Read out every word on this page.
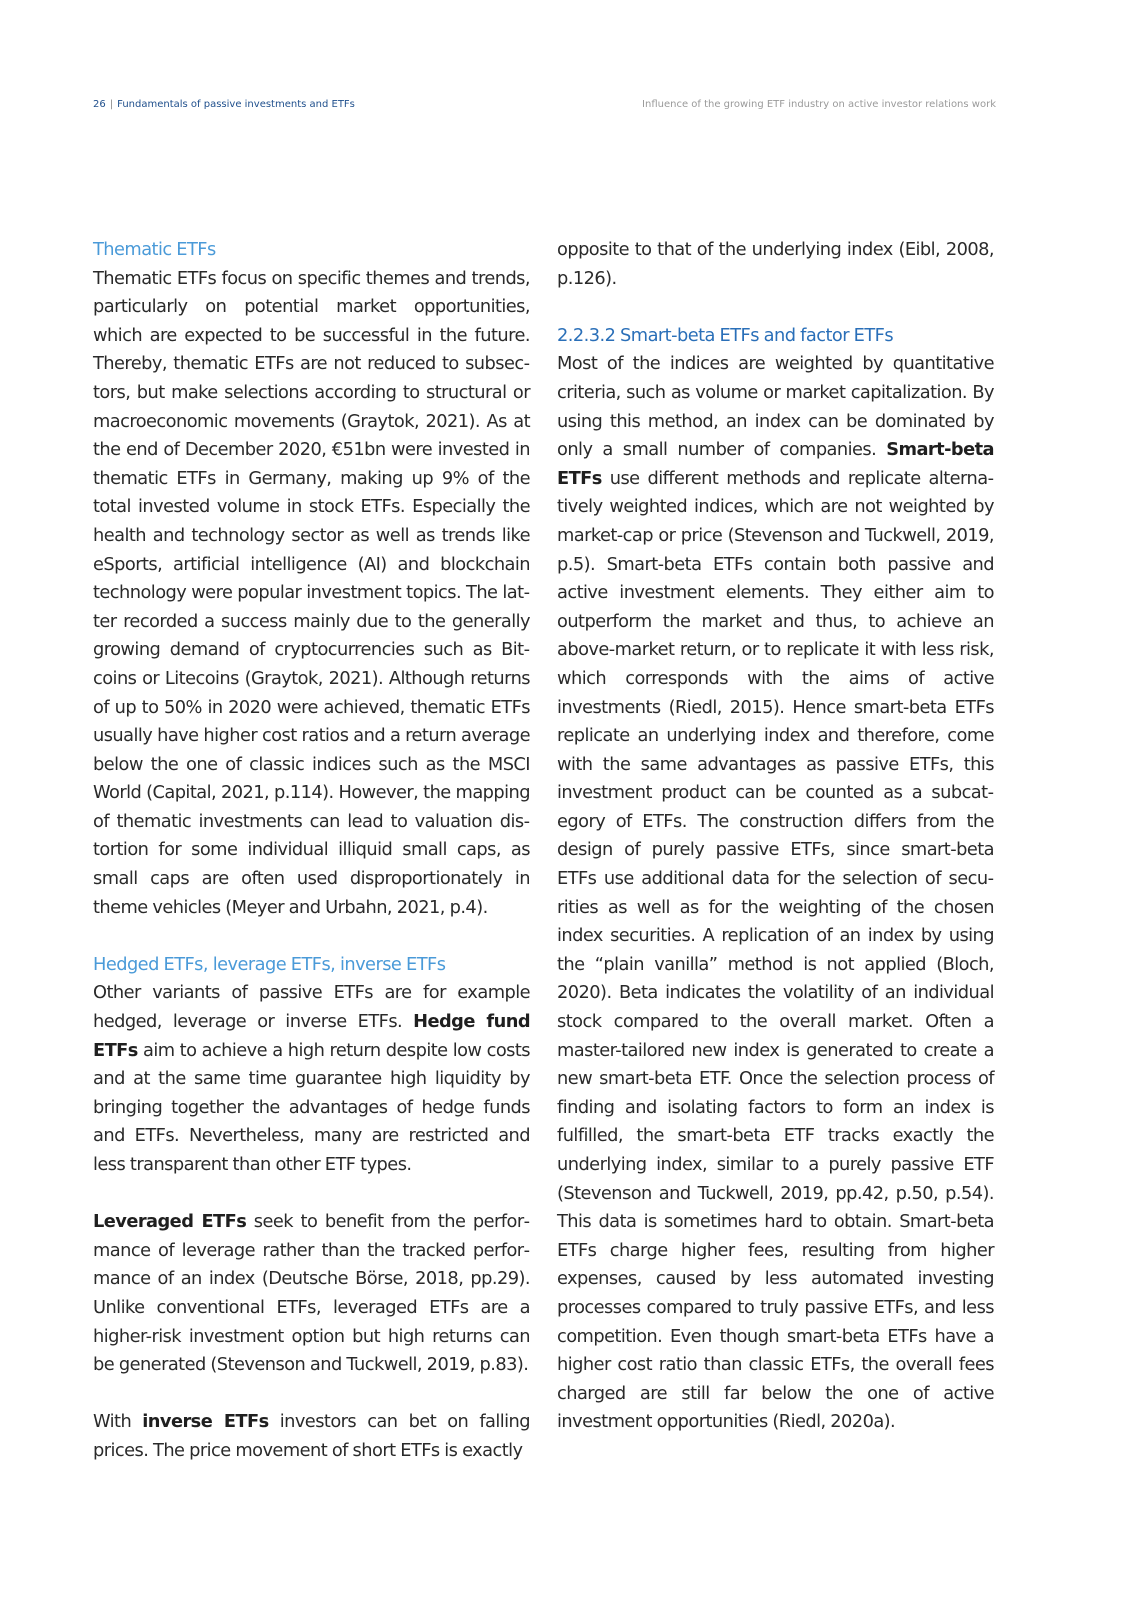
26 | Fundamentals of passive investments and ETFs	Influence of the growing ETF industry on active investor relations work
Thematic ETFs

Thematic ETFs focus on specific themes and trends, particularly on potential market opportunities, which are expected to be successful in the future. Thereby, thematic ETFs are not reduced to subsectors, but make selections according to structural or macroeconomic movements (Graytok, 2021). As at the end of December 2020, €51bn were invested in thematic ETFs in Germany, making up 9% of the total invested volume in stock ETFs. Especially the health and technology sector as well as trends like eSports, artificial intelligence (AI) and blockchain technology were popular investment topics. The latter recorded a success mainly due to the generally growing demand of cryptocurrencies such as Bitcoins or Litecoins (Graytok, 2021). Although returns of up to 50% in 2020 were achieved, thematic ETFs usually have higher cost ratios and a return average below the one of classic indices such as the MSCI World (Capital, 2021, p.114). However, the mapping of thematic investments can lead to valuation distortion for some individual illiquid small caps, as small caps are often used disproportionately in theme vehicles (Meyer and Urbahn, 2021, p.4).

Hedged ETFs, leverage ETFs, inverse ETFs

Other variants of passive ETFs are for example hedged, leverage or inverse ETFs. Hedge fund ETFs aim to achieve a high return despite low costs and at the same time guarantee high liquidity by bringing together the advantages of hedge funds and ETFs. Nevertheless, many are restricted and less transparent than other ETF types.

Leveraged ETFs seek to benefit from the performance of leverage rather than the tracked performance of an index (Deutsche Börse, 2018, pp.29). Unlike conventional ETFs, leveraged ETFs are a higher-risk investment option but high returns can be generated (Stevenson and Tuckwell, 2019, p.83).

With inverse ETFs investors can bet on falling prices. The price movement of short ETFs is exactly

opposite to that of the underlying index (Eibl, 2008, p.126).

2.2.3.2 Smart-beta ETFs and factor ETFs

Most of the indices are weighted by quantitative criteria, such as volume or market capitalization. By using this method, an index can be dominated by only a small number of companies. Smart-beta ETFs use different methods and replicate alternatively weighted indices, which are not weighted by market-cap or price (Stevenson and Tuckwell, 2019, p.5). Smart-beta ETFs contain both passive and active investment elements. They either aim to outperform the market and thus, to achieve an above-market return, or to replicate it with less risk, which corresponds with the aims of active investments (Riedl, 2015). Hence smart-beta ETFs replicate an underlying index and therefore, come with the same advantages as passive ETFs, this investment product can be counted as a subcategory of ETFs. The construction differs from the design of purely passive ETFs, since smart-beta ETFs use additional data for the selection of securities as well as for the weighting of the chosen index securities. A replication of an index by using the “plain vanilla” method is not applied (Bloch, 2020). Beta indicates the volatility of an individual stock compared to the overall market. Often a master-tailored new index is generated to create a new smart-beta ETF. Once the selection process of finding and isolating factors to form an index is fulfilled, the smart-beta ETF tracks exactly the underlying index, similar to a purely passive ETF (Stevenson and Tuckwell, 2019, pp.42, p.50, p.54). This data is sometimes hard to obtain. Smart-beta ETFs charge higher fees, resulting from higher expenses, caused by less automated investing processes compared to truly passive ETFs, and less competition. Even though smart-beta ETFs have a higher cost ratio than classic ETFs, the overall fees charged are still far below the one of active investment opportunities (Riedl, 2020a).
